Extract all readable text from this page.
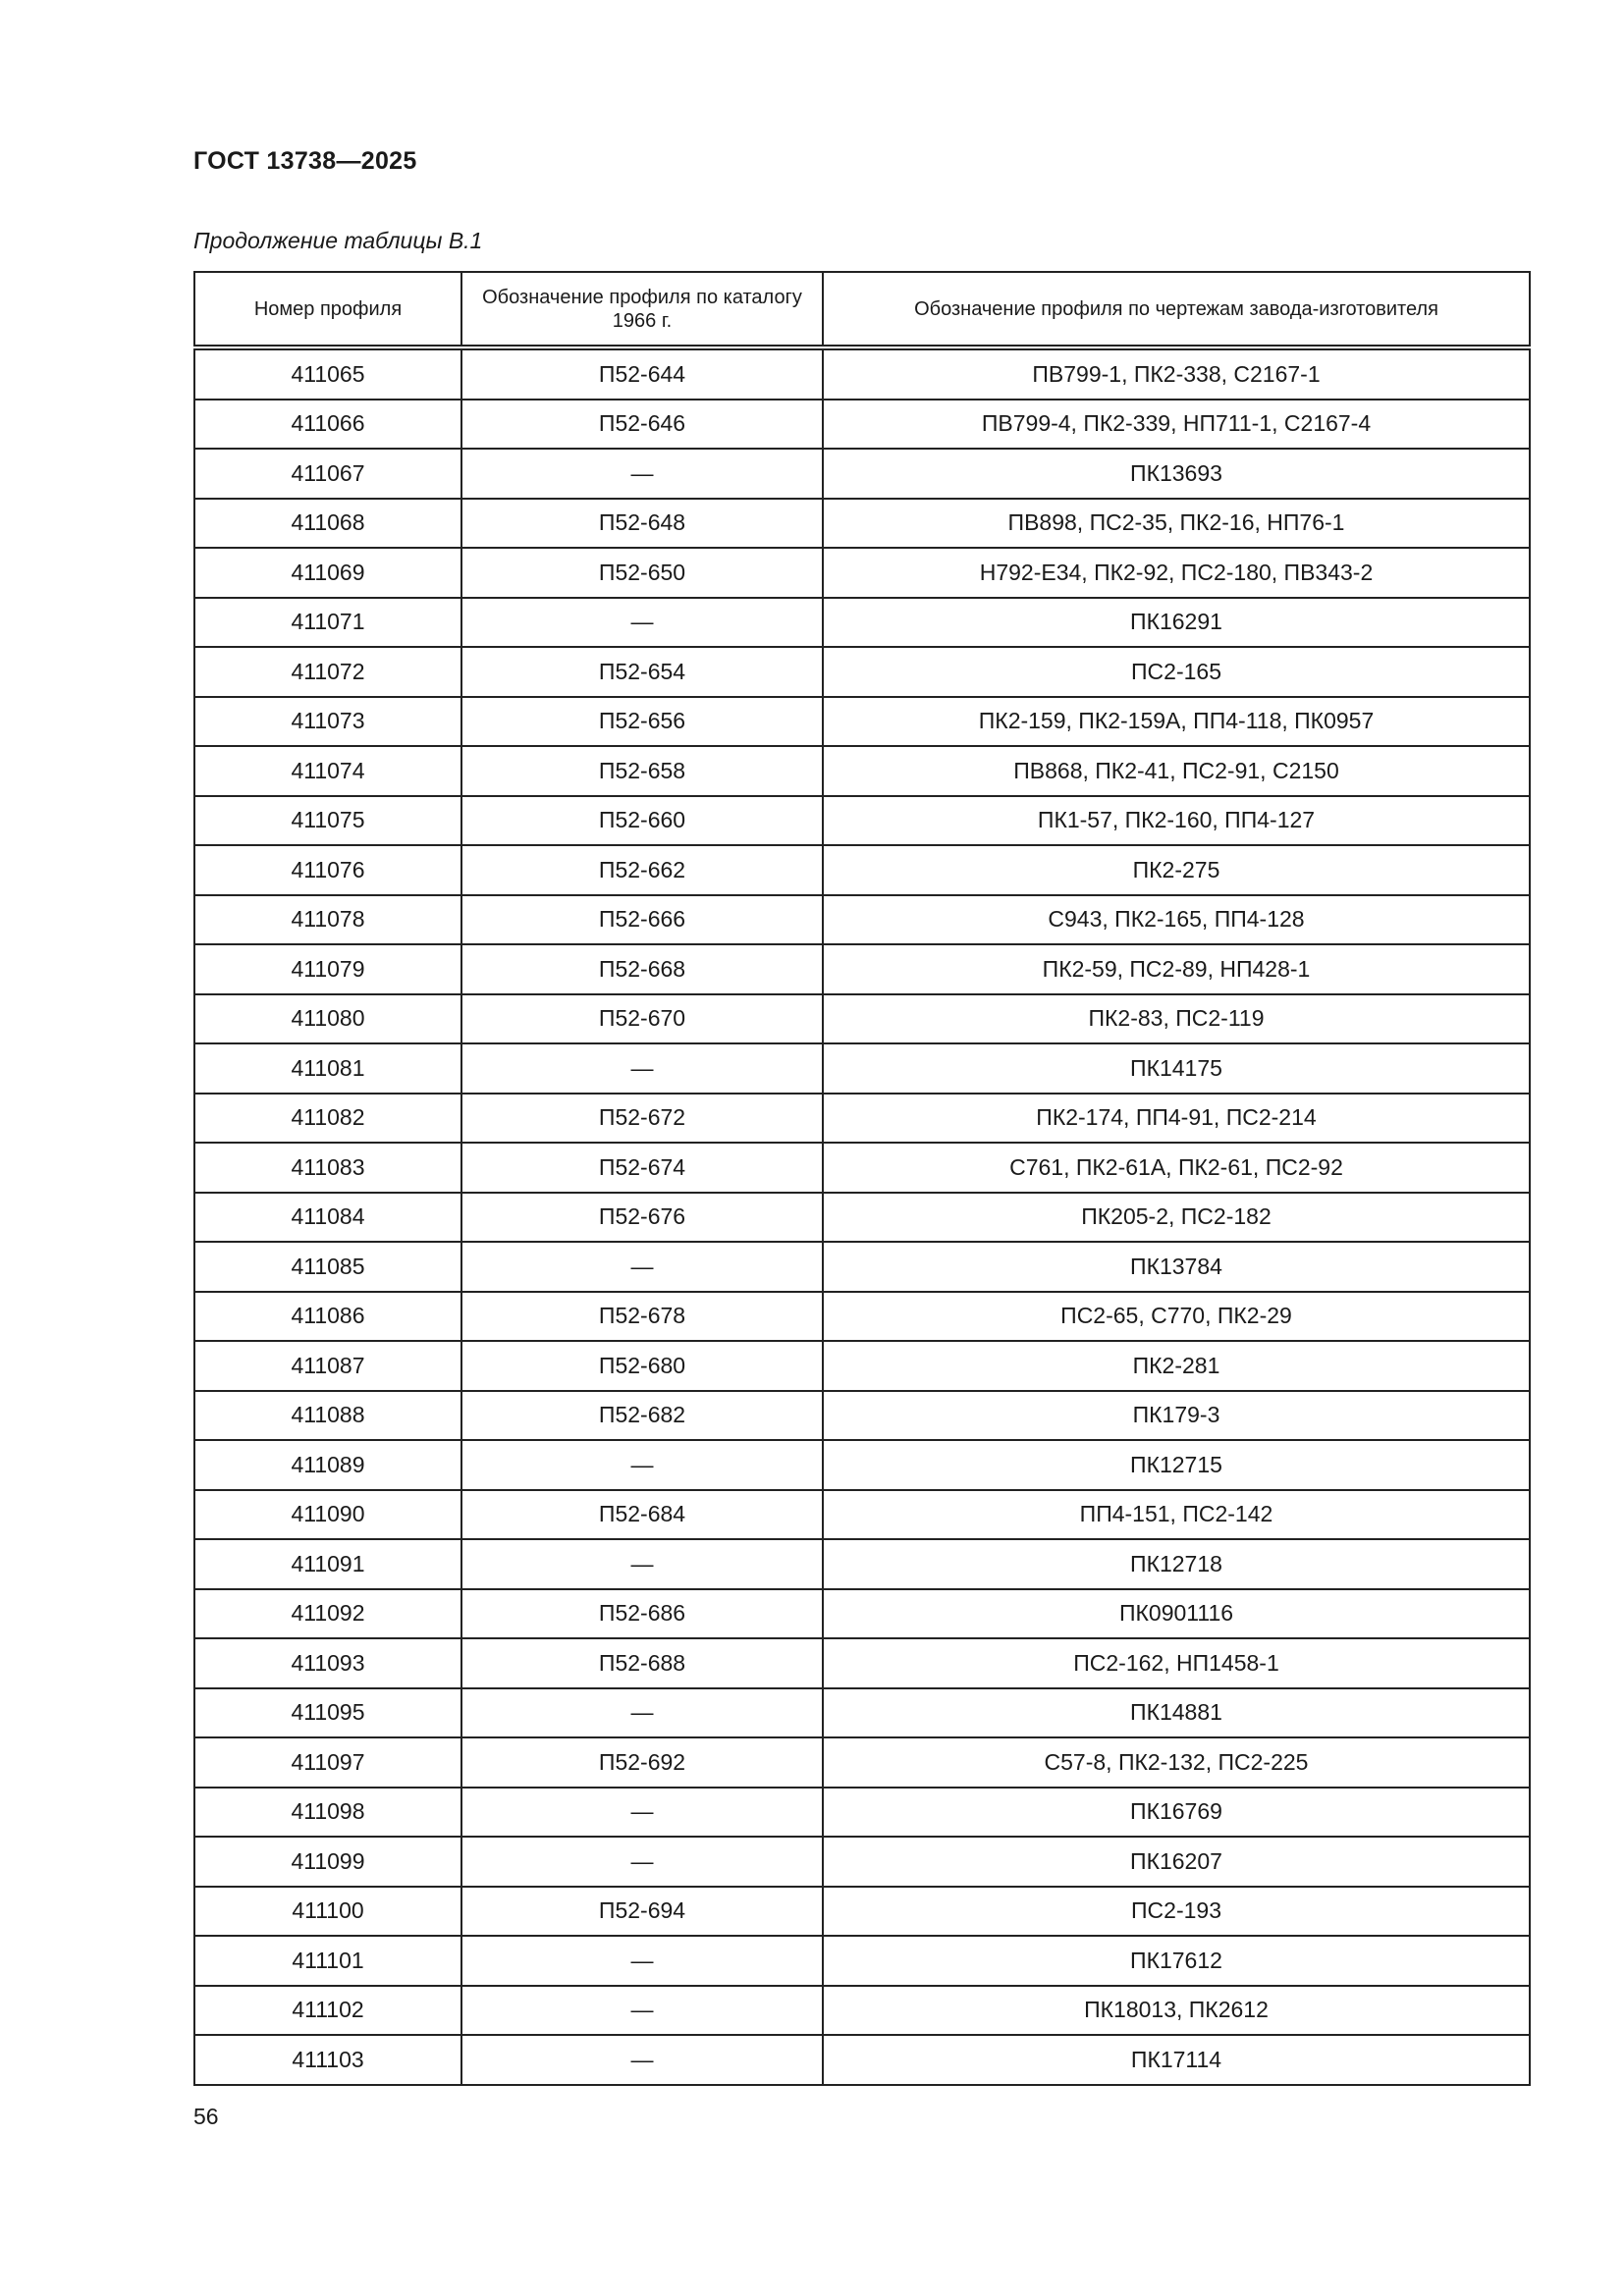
ГОСТ 13738—2025
Продолжение таблицы В.1
Номер профиля	Обозначение профиля по каталогу 1966 г.	Обозначение профиля по чертежам завода-изготовителя
411065	П52-644	ПВ799-1, ПК2-338, С2167-1
411066	П52-646	ПВ799-4, ПК2-339, НП711-1, С2167-4
411067	—	ПК13693
411068	П52-648	ПВ898, ПС2-35, ПК2-16, НП76-1
411069	П52-650	Н792-Е34, ПК2-92, ПС2-180, ПВ343-2
411071	—	ПК16291
411072	П52-654	ПС2-165
411073	П52-656	ПК2-159, ПК2-159А, ПП4-118, ПК0957
411074	П52-658	ПВ868, ПК2-41, ПС2-91, С2150
411075	П52-660	ПК1-57, ПК2-160, ПП4-127
411076	П52-662	ПК2-275
411078	П52-666	С943, ПК2-165, ПП4-128
411079	П52-668	ПК2-59, ПС2-89, НП428-1
411080	П52-670	ПК2-83, ПС2-119
411081	—	ПК14175
411082	П52-672	ПК2-174, ПП4-91, ПС2-214
411083	П52-674	С761, ПК2-61А, ПК2-61, ПС2-92
411084	П52-676	ПК205-2, ПС2-182
411085	—	ПК13784
411086	П52-678	ПС2-65, С770, ПК2-29
411087	П52-680	ПК2-281
411088	П52-682	ПК179-3
411089	—	ПК12715
411090	П52-684	ПП4-151, ПС2-142
411091	—	ПК12718
411092	П52-686	ПК0901116
411093	П52-688	ПС2-162, НП1458-1
411095	—	ПК14881
411097	П52-692	С57-8, ПК2-132, ПС2-225
411098	—	ПК16769
411099	—	ПК16207
411100	П52-694	ПС2-193
411101	—	ПК17612
411102	—	ПК18013, ПК2612
411103	—	ПК17114
56
